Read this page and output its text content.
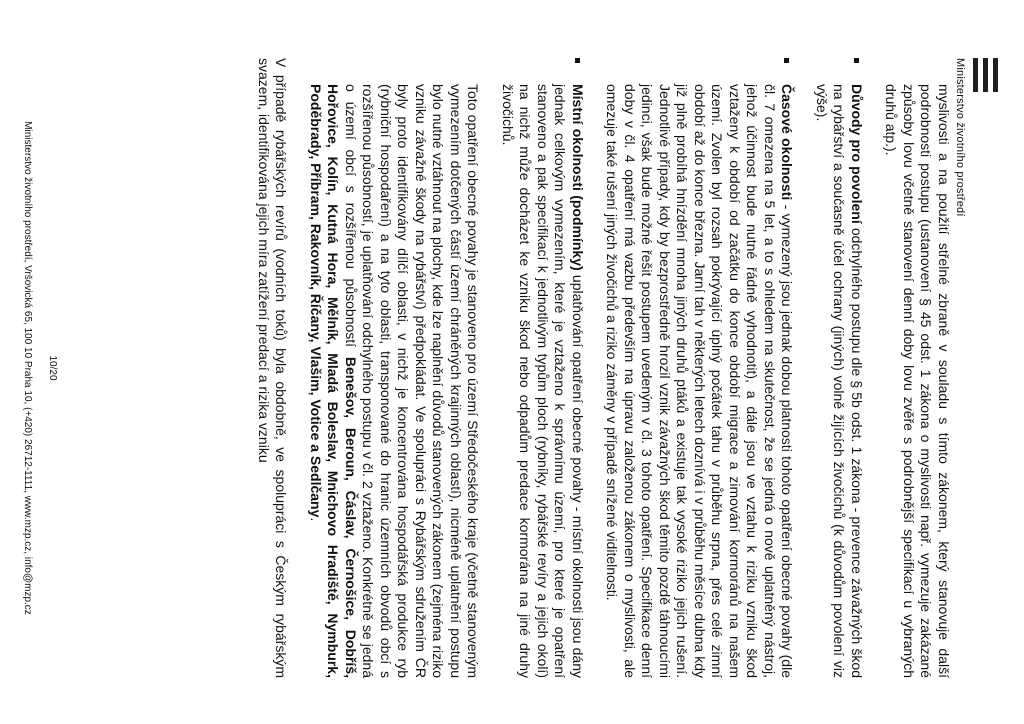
Ministerstvo životního prostředí

myslivosti a na použití střelné zbraně v souladu s tímto zákonem, který stanovuje další podrobnosti postupu (ustanovení § 45 odst. 1 zákona o myslivosti např. vymezuje zakázané způsoby lovu včetně stanovení denní doby lovu zvěře s podrobnější specifikací u vybraných druhů atp.).

Důvody pro povolení odchylného postupu dle § 5b odst. 1 zákona - prevence závažných škod na rybářství a současně účel ochrany (jiných) volně žijících živočichů (k důvodům povolení viz výše).
Časové okolnosti - vymezený jsou jednak dobou platnosti tohoto opatření obecné povahy (dle čl. 7 omezena na 5 let, a to s ohledem na skutečnost, že se jedná o nově uplatněný nástroj, jehož účinnost bude nutné řádně vyhodnotit), a dále jsou ve vztahu k riziku vzniku škod vztaženy k období od začátku do konce období migrace a zimování kormoránů na našem území. Zvolen byl rozsah pokrývající úplný počátek tahu v průběhu srpna, přes celé zimní období až do konce března. Jarní tah v některých letech doznívá i v průběhu měsíce dubna kdy již plně probíhá hnízdění mnoha jiných druhů ptáků a existuje tak vysoké riziko jejich rušení. Jednotlivé případy, kdy by bezprostředně hrozil vznik závažných škod těmito pozdě táhnoucími jedinci, však bude možné řešit postupem uvedeným v čl. 3 tohoto opatření. Specifikace denní doby v čl. 4 opatření má vazbu především na úpravu založenou zákonem o myslivosti, ale omezuje také rušení jiných živočichů a riziko záměny v případě snížené viditelnosti.
Místní okolnosti (podmínky) uplatňování opatření obecné povahy - místní okolnosti jsou dány jednak celkovým vymezením, které je vztaženo k správnímu území, pro které je opatření stanoveno a pak specifikací k jednotlivým typům ploch (rybníky, rybářské revíry a jejich okolí) na nichž může docházet ke vzniku škod nebo odpadům predace kormorána na jiné druhy živočichů.

Toto opatření obecné povahy je stanoveno pro území Středočeského kraje (včetně stanoveným vymezením dotčených částí území chráněných krajinných oblastí), nicméně uplatnění postupu bylo nutné vztáhnout na plochy, kde lze naplnění důvodů stanovených zákonem (zejména riziko vzniku závažné škody na rybářství) předpokládat. Ve spolupráci s Rybářským sdružením ČR byly proto identifikovány dílčí oblasti, v nichž je koncentrována hospodářská produkce ryb (rybniční hospodaření) a na tyto oblasti, transponované do hranic územních obvodů obcí s rozšířenou působností, je uplatňování odchylného postupu v čl. 2 vztaženo. Konkrétně se jedná o území obcí s rozšířenou působností Benešov, Beroun, Čáslav, Černošice, Dobříš, Hořovice, Kolín, Kutná Hora, Mělník, Mladá Boleslav, Mnichovo Hradiště, Nymburk, Poděbrady, Příbram, Rakovník, Říčany, Vlašim, Votice a Sedlčany.

V případě rybářských revírů (vodních toků) byla obdobně, ve spolupráci s Českým rybářským svazem, identifikována jejich míra zatížení predací a rizika vzniku

10/20
Ministerstvo životního prostředí, Vršovická 65, 100 10 Praha 10, (+420) 26712-1111, www.mzp.cz, info@mzp.cz
